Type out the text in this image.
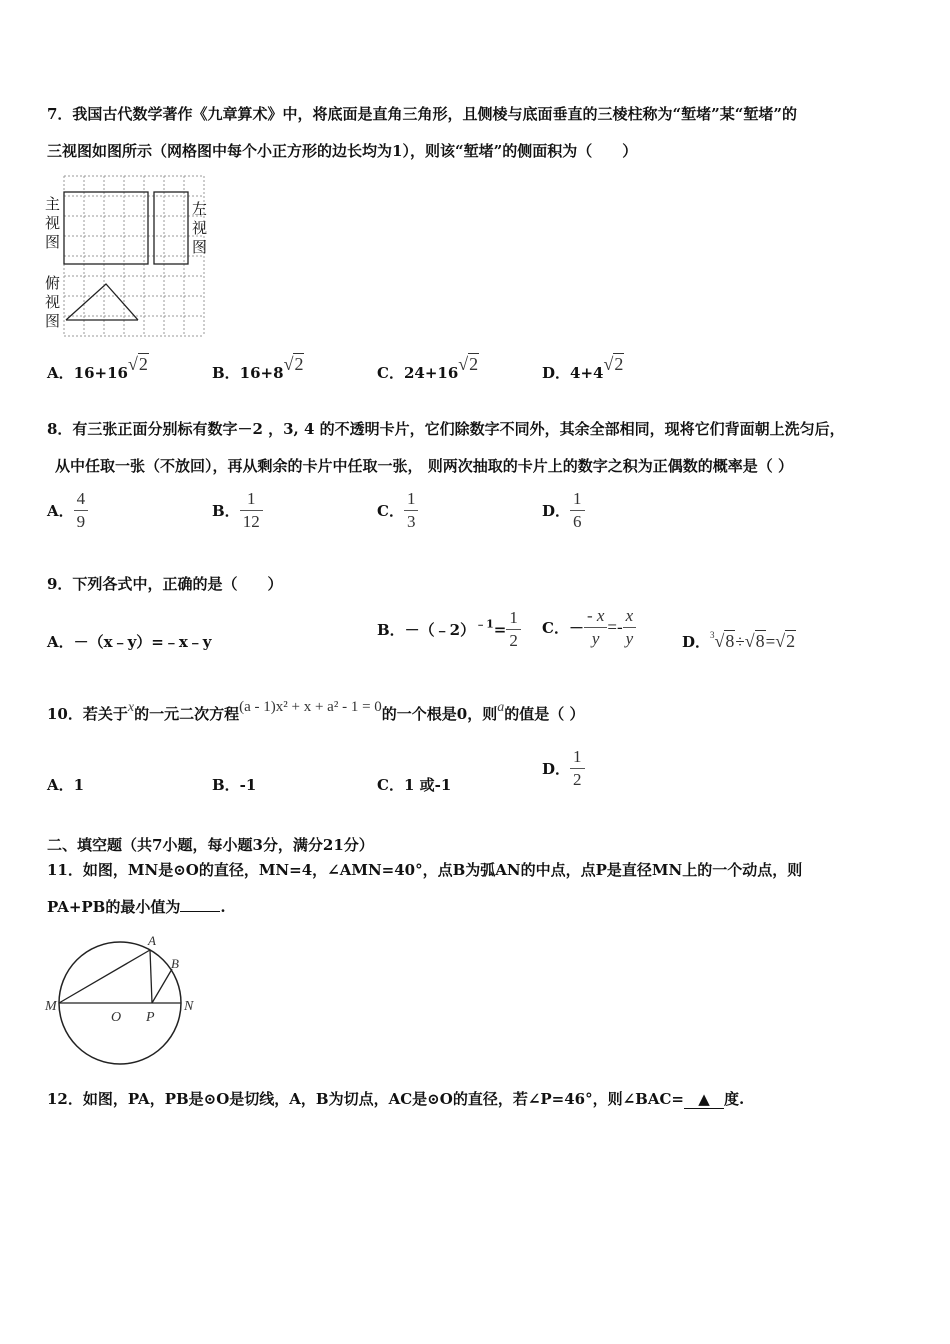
7．我国古代数学著作《九章算术》中，将底面是直角三角形，且侧棱与底面垂直的三棱柱称为“堑堵”某“堑堵”的
三视图如图所示（网格图中每个小正方形的边长均为1），则该“堑堵”的侧面积为（　　）
主视图
左视图
俯视图
A．16+16√2	B．16+8√2	C．24+16√2	D．4+4√2
8．有三张正面分别标有数字－2 ，3, 4 的不透明卡片，它们除数字不同外，其余全部相同，现将它们背面朝上洗匀后，
从中任取一张（不放回），再从剩余的卡片中任取一张， 则两次抽取的卡片上的数字之积为正偶数的概率是（ ）
A． $\frac{4}{9}$	B． $\frac{1}{12}$	C． $\frac{1}{3}$	D． $\frac{1}{6}$
9．下列各式中，正确的是（　　）
A．－（x﹣y）=﹣x﹣y
B．－（﹣2）$^{﹣1}$= $\frac{1}{2}$ C．－ $\frac{- x}{y} =- \frac{x}{y}$	D．$^3$√8÷√8=√2
10．若关于x的一元二次方程(a - 1)x² + x + a² - 1 = 0的一个根是0，则a的值是（ ）
A．1	B．-1	C．1 或-1
D． $\frac{1}{2}$
二、填空题（共7小题，每小题3分，满分21分）
11．如图，MN是⊙O的直径，MN=4，∠AMN=40°，点B为弧AN的中点，点P是直径MN上的一个动点，则
PA+PB的最小值为	.
A
B
M
O P
N
12．如图，PA，PB是⊙O是切线，A，B为切点，AC是⊙O的直径，若∠P=46°，则∠BAC= ▲ 度.
